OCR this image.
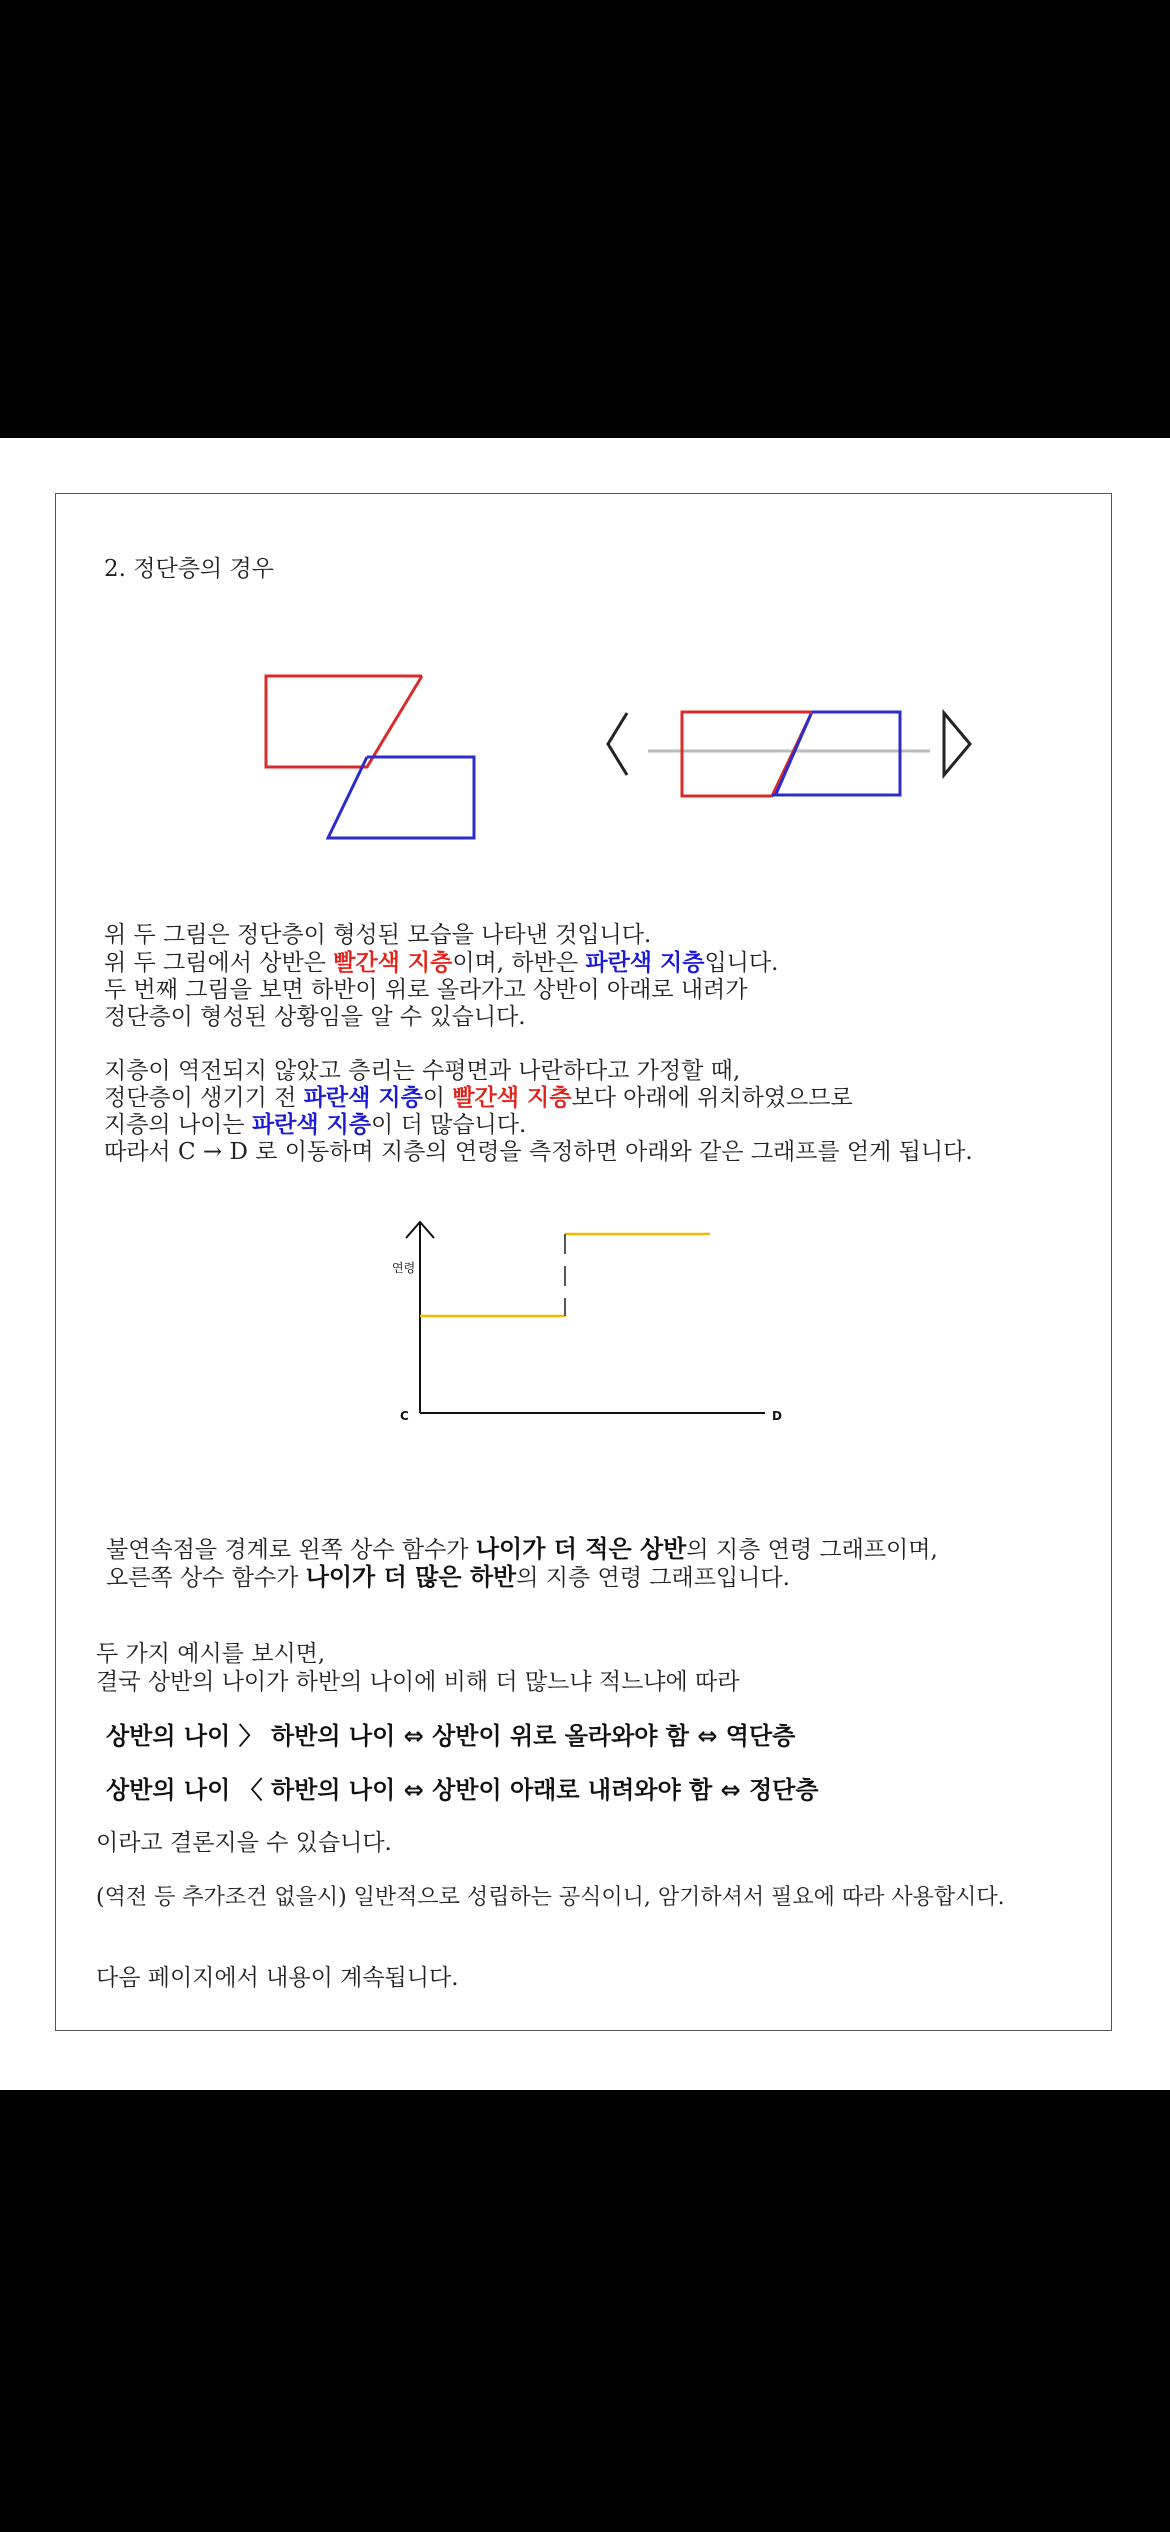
2. 정단층의 경우
위 두 그림은 정단층이 형성된 모습을 나타낸 것입니다.
위 두 그림에서 상반은 빨간색 지층이며, 하반은 파란색 지층입니다.
두 번째 그림을 보면 하반이 위로 올라가고 상반이 아래로 내려가
정단층이 형성된 상황임을 알 수 있습니다.
지층이 역전되지 않았고 층리는 수평면과 나란하다고 가정할 때,
정단층이 생기기 전 파란색 지층이 빨간색 지층보다 아래에 위치하였으므로
지층의 나이는 파란색 지층이 더 많습니다.
따라서 C → D 로 이동하며 지층의 연령을 측정하면 아래와 같은 그래프를 얻게 됩니다.
연령
C	D
불연속점을 경계로 왼쪽 상수 함수가 나이가 더 적은 상반의 지층 연령 그래프이며,
오른쪽 상수 함수가 나이가 더 많은 하반의 지층 연령 그래프입니다.
두 가지 예시를 보시면,
결국 상반의 나이가 하반의 나이에 비해 더 많느냐 적느냐에 따라
상반의 나이 〉 하반의 나이 ⇔ 상반이 위로 올라와야 함 ⇔ 역단층
상반의 나이 〈 하반의 나이 ⇔ 상반이 아래로 내려와야 함 ⇔ 정단층
이라고 결론지을 수 있습니다.
(역전 등 추가조건 없을시) 일반적으로 성립하는 공식이니, 암기하셔서 필요에 따라 사용합시다.
다음 페이지에서 내용이 계속됩니다.
